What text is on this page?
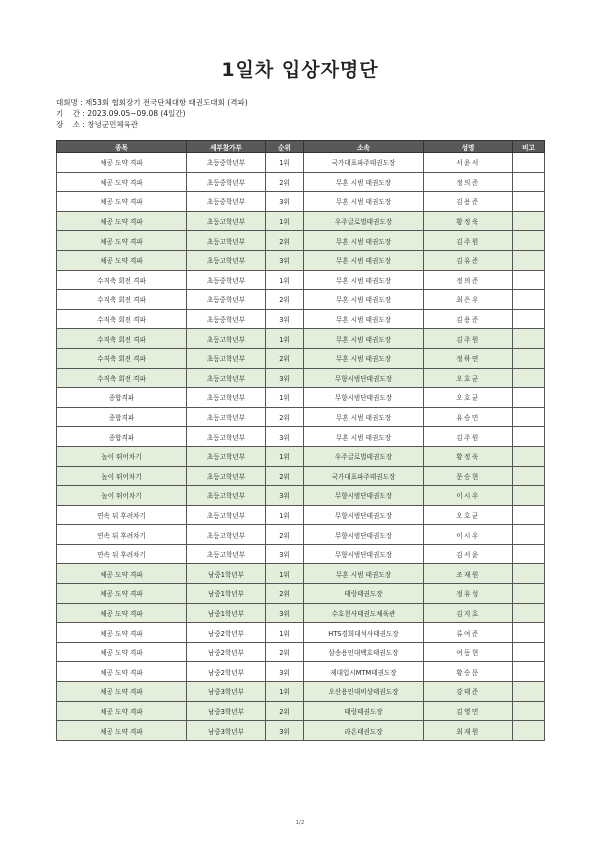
1일차 입상자명단
대회명 : 제53회 협회장기 전국단체대항 태권도대회 (격파)
기    간 : 2023.09.05~09.08 (4일간)
장    소 : 창녕군민체육관
종목	세부참가부	순위	소속	성명	비고
체공 도약 격파	초등중학년부	1위	국가대표파주태권도장	서윤서	
체공 도약 격파	초등중학년부	2위	무혼 시범 태권도장	정의준	
체공 도약 격파	초등중학년부	3위	무혼 시범 태권도장	김용준	
체공 도약 격파	초등고학년부	1위	우주글로벌태권도장	황정욱	
체공 도약 격파	초등고학년부	2위	무혼 시범 태권도장	김주원	
체공 도약 격파	초등고학년부	3위	무혼 시범 태권도장	김유준	
수직축 회전 격파	초등중학년부	1위	무혼 시범 태권도장	정의준	
수직축 회전 격파	초등중학년부	2위	무혼 시범 태권도장	최은우	
수직축 회전 격파	초등중학년부	3위	무혼 시범 태권도장	김용준	
수직축 회전 격파	초등고학년부	1위	무혼 시범 태권도장	김주원	
수직축 회전 격파	초등고학년부	2위	무혼 시범 태권도장	정하연	
수직축 회전 격파	초등고학년부	3위	무향시범단태권도장	오호균	
종합격파	초등고학년부	1위	무향시범단태권도장	오호균	
종합격파	초등고학년부	2위	무혼 시범 태권도장	유승민	
종합격파	초등고학년부	3위	무혼 시범 태권도장	김주원	
높이 뛰어차기	초등고학년부	1위	우주글로벌태권도장	황정욱	
높이 뛰어차기	초등고학년부	2위	국가대표파주태권도장	문승현	
높이 뛰어차기	초등고학년부	3위	무향시범단태권도장	이시우	
연속 뒤 후려차기	초등고학년부	1위	무향시범단태권도장	오호균	
연속 뒤 후려차기	초등고학년부	2위	무향시범단태권도장	이시우	
연속 뒤 후려차기	초등고학년부	3위	무향시범단태권도장	김서윤	
체공 도약 격파	남중1학년부	1위	무혼 시범 태권도장	조재원	
체공 도약 격파	남중1학년부	2위	태랑태권도장	정유성	
체공 도약 격파	남중1학년부	3위	수호천사태권도체육관	김지호	
체공 도약 격파	남중2학년부	1위	HTS경희대석사태권도장	류여준	
체공 도약 격파	남중2학년부	2위	삼송용인대백호태권도장	여동현	
체공 도약 격파	남중2학년부	3위	제대입시MTM태권도장	황승문	
체공 도약 격파	남중3학년부	1위	오산용인대비상태권도장	강태준	
체공 도약 격파	남중3학년부	2위	태랑태권도장	김영민	
체공 도약 격파	남중3학년부	3위	라온태권도장	최재원	
1/2
